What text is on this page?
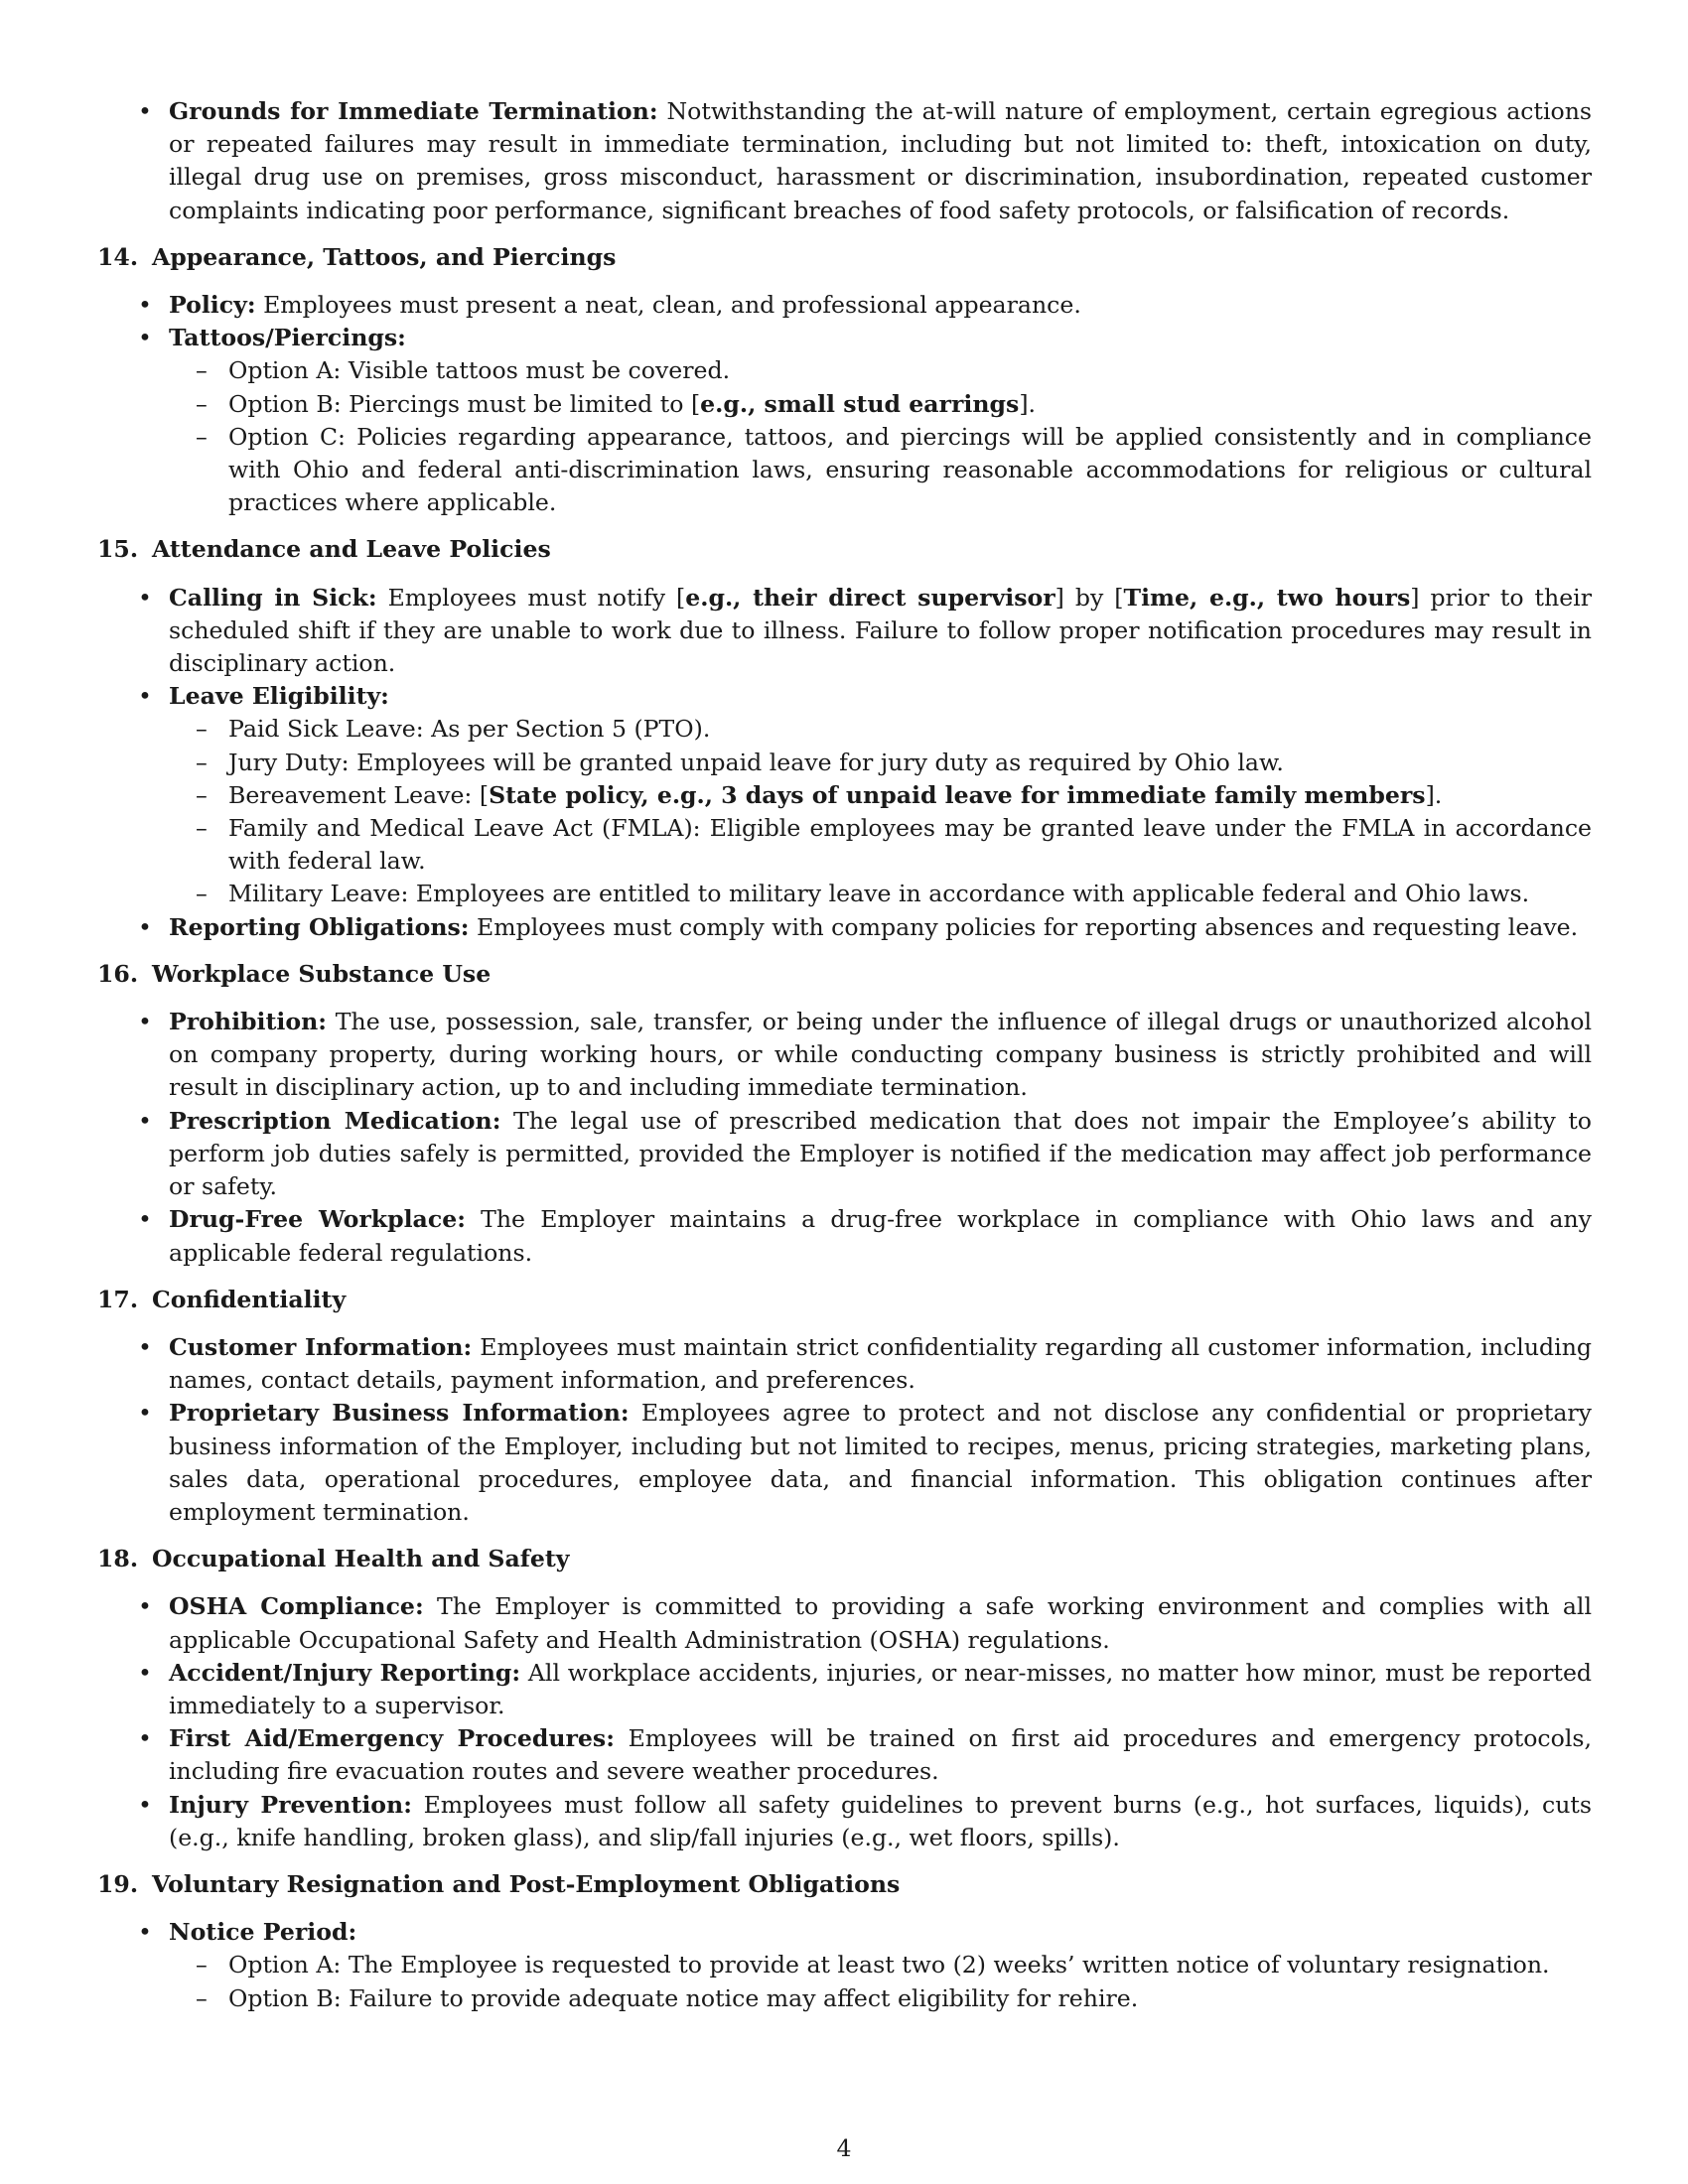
• Grounds for Immediate Termination: Notwithstanding the at-will nature of employment, certain egregious actions or repeated failures may result in immediate termination, including but not limited to: theft, intoxication on duty, illegal drug use on premises, gross misconduct, harassment or discrimination, insubordination, repeated customer complaints indicating poor performance, significant breaches of food safety protocols, or falsification of records.
14. Appearance, Tattoos, and Piercings
• Policy: Employees must present a neat, clean, and professional appearance.
• Tattoos/Piercings:
– Option A: Visible tattoos must be covered.
– Option B: Piercings must be limited to [e.g., small stud earrings].
– Option C: Policies regarding appearance, tattoos, and piercings will be applied consistently and in compliance with Ohio and federal anti-discrimination laws, ensuring reasonable accommodations for religious or cultural practices where applicable.
15. Attendance and Leave Policies
• Calling in Sick: Employees must notify [e.g., their direct supervisor] by [Time, e.g., two hours] prior to their scheduled shift if they are unable to work due to illness. Failure to follow proper notification procedures may result in disciplinary action.
• Leave Eligibility:
– Paid Sick Leave: As per Section 5 (PTO).
– Jury Duty: Employees will be granted unpaid leave for jury duty as required by Ohio law.
– Bereavement Leave: [State policy, e.g., 3 days of unpaid leave for immediate family members].
– Family and Medical Leave Act (FMLA): Eligible employees may be granted leave under the FMLA in accordance with federal law.
– Military Leave: Employees are entitled to military leave in accordance with applicable federal and Ohio laws.
• Reporting Obligations: Employees must comply with company policies for reporting absences and requesting leave.
16. Workplace Substance Use
• Prohibition: The use, possession, sale, transfer, or being under the influence of illegal drugs or unauthorized alcohol on company property, during working hours, or while conducting company business is strictly prohibited and will result in disciplinary action, up to and including immediate termination.
• Prescription Medication: The legal use of prescribed medication that does not impair the Employee’s ability to perform job duties safely is permitted, provided the Employer is notified if the medication may affect job performance or safety.
• Drug-Free Workplace: The Employer maintains a drug-free workplace in compliance with Ohio laws and any applicable federal regulations.
17. Confidentiality
• Customer Information: Employees must maintain strict confidentiality regarding all customer information, including names, contact details, payment information, and preferences.
• Proprietary Business Information: Employees agree to protect and not disclose any confidential or proprietary business information of the Employer, including but not limited to recipes, menus, pricing strategies, marketing plans, sales data, operational procedures, employee data, and financial information. This obligation continues after employment termination.
18. Occupational Health and Safety
• OSHA Compliance: The Employer is committed to providing a safe working environment and complies with all applicable Occupational Safety and Health Administration (OSHA) regulations.
• Accident/Injury Reporting: All workplace accidents, injuries, or near-misses, no matter how minor, must be reported immediately to a supervisor.
• First Aid/Emergency Procedures: Employees will be trained on first aid procedures and emergency protocols, including fire evacuation routes and severe weather procedures.
• Injury Prevention: Employees must follow all safety guidelines to prevent burns (e.g., hot surfaces, liquids), cuts (e.g., knife handling, broken glass), and slip/fall injuries (e.g., wet floors, spills).
19. Voluntary Resignation and Post-Employment Obligations
• Notice Period:
– Option A: The Employee is requested to provide at least two (2) weeks’ written notice of voluntary resignation.
– Option B: Failure to provide adequate notice may affect eligibility for rehire.
4
